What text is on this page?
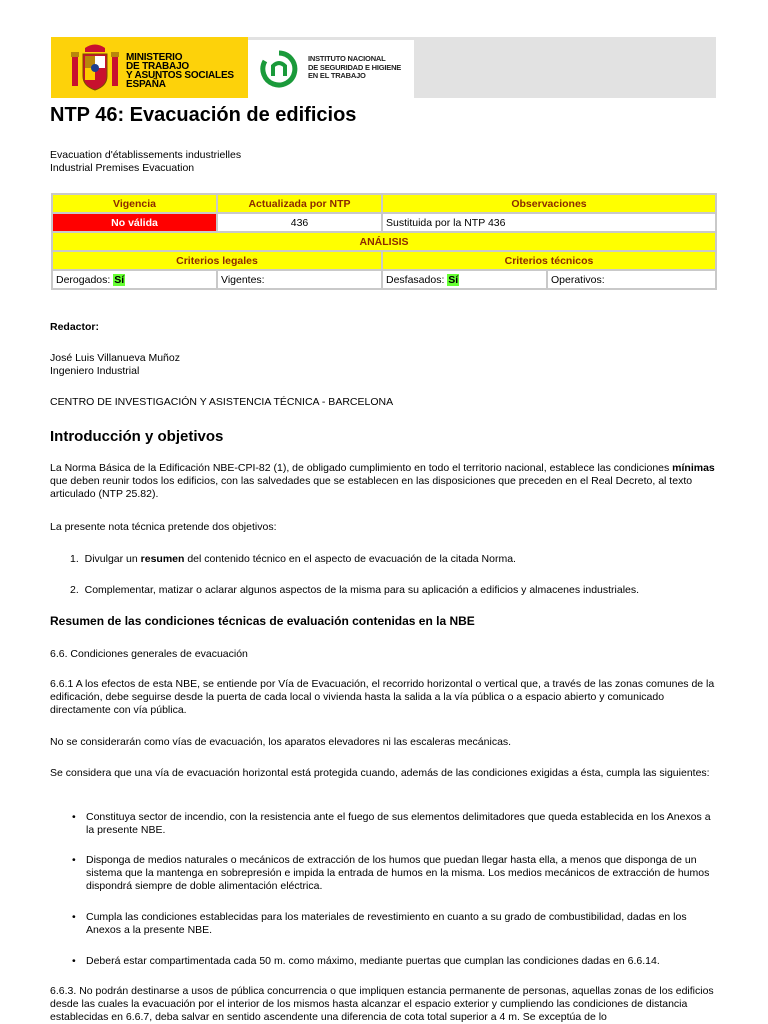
MINISTERIO
DE TRABAJO
Y ASUNTOS SOCIALES
ESPAÑA
INSTITUTO NACIONAL
DE SEGURIDAD E HIGIENE
EN EL TRABAJO
NTP 46: Evacuación de edificios
Evacuation d'établissements industrielles
Industrial Premises Evacuation
Vigencia	Actualizada por NTP	Observaciones	
No válida	436	Sustituida por la NTP 436	
ANÁLISIS			
Criterios legales		Criterios técnicos	
Derogados: Sí	Vigentes:	Desfasados: Sí	Operativos:
Redactor:
José Luis Villanueva Muñoz
Ingeniero Industrial
CENTRO DE INVESTIGACIÓN Y ASISTENCIA TÉCNICA - BARCELONA
Introducción y objetivos
La Norma Básica de la Edificación NBE-CPI-82 (1), de obligado cumplimiento en todo el territorio nacional, establece las condiciones mínimas que deben reunir todos los edificios, con las salvedades que se establecen en las disposiciones que preceden en el Real Decreto, al texto articulado (NTP 25.82).
La presente nota técnica pretende dos objetivos:
1. Divulgar un resumen del contenido técnico en el aspecto de evacuación de la citada Norma.
2. Complementar, matizar o aclarar algunos aspectos de la misma para su aplicación a edificios y almacenes industriales.
Resumen de las condiciones técnicas de evaluación contenidas en la NBE
6.6. Condiciones generales de evacuación
6.6.1 A los efectos de esta NBE, se entiende por Vía de Evacuación, el recorrido horizontal o vertical que, a través de las zonas comunes de la edificación, debe seguirse desde la puerta de cada local o vivienda hasta la salida a la vía pública o a espacio abierto y comunicado directamente con vía pública.
No se considerarán como vías de evacuación, los aparatos elevadores ni las escaleras mecánicas.
Se considera que una vía de evacuación horizontal está protegida cuando, además de las condiciones exigidas a ésta, cumpla las siguientes:
• Constituya sector de incendio, con la resistencia ante el fuego de sus elementos delimitadores que queda establecida en los Anexos a la presente NBE.
• Disponga de medios naturales o mecánicos de extracción de los humos que puedan llegar hasta ella, a menos que disponga de un sistema que la mantenga en sobrepresión e impida la entrada de humos en la misma. Los medios mecánicos de extracción de humos dispondrá siempre de doble alimentación eléctrica.
• Cumpla las condiciones establecidas para los materiales de revestimiento en cuanto a su grado de combustibilidad, dadas en los Anexos a la presente NBE.
• Deberá estar compartimentada cada 50 m. como máximo, mediante puertas que cumplan las condiciones dadas en 6.6.14.
6.6.3. No podrán destinarse a usos de pública concurrencia o que impliquen estancia permanente de personas, aquellas zonas de los edificios desde las cuales la evacuación por el interior de los mismos hasta alcanzar el espacio exterior y cumpliendo las condiciones de distancia establecidas en 6.6.7, deba salvar en sentido ascendente una diferencia de cota total superior a 4 m. Se exceptúa de lo
